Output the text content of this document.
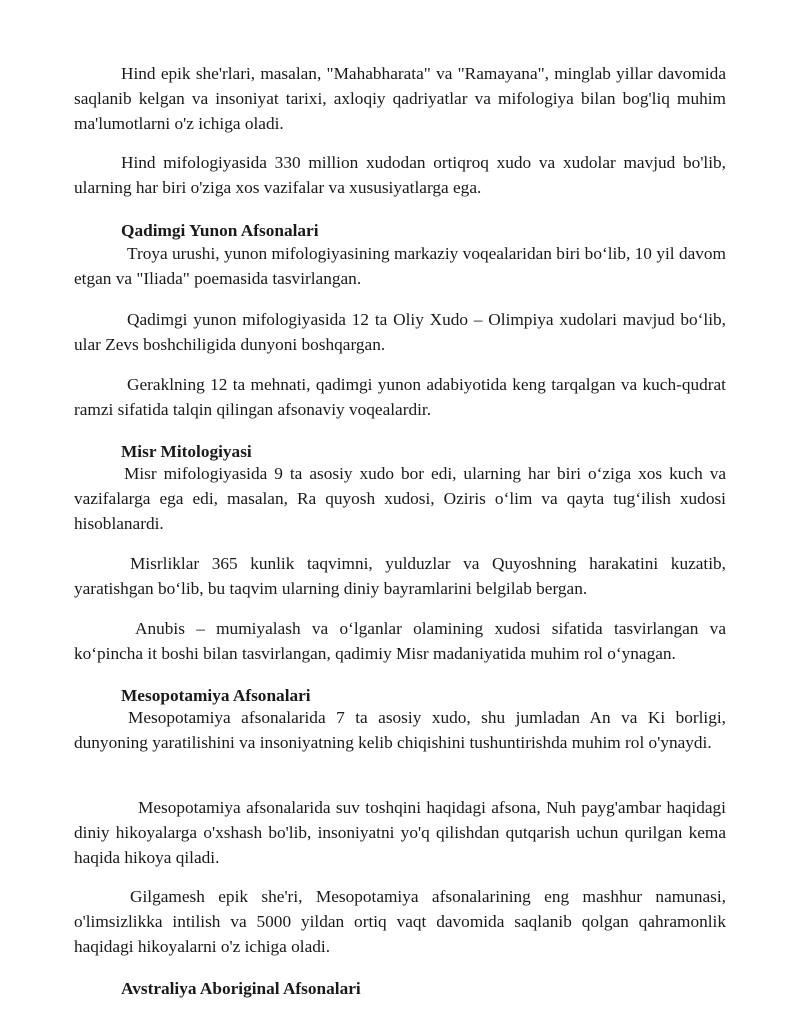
Hind epik she'rlari, masalan, "Mahabharata" va "Ramayana", minglab yillar davomida saqlanib kelgan va insoniyat tarixi, axloqiy qadriyatlar va mifologiya bilan bog'liq muhim ma'lumotlarni o'z ichiga oladi.

Hind mifologiyasida 330 million xudodan ortiqroq xudo va xudolar mavjud bo'lib, ularning har biri o'ziga xos vazifalar va xususiyatlarga ega.

Qadimgi Yunon Afsonalari

Troya urushi, yunon mifologiyasining markaziy voqealaridan biri bo‘lib, 10 yil davom etgan va "Iliada" poemasida tasvirlangan.

Qadimgi yunon mifologiyasida 12 ta Oliy Xudo – Olimpiya xudolari mavjud bo‘lib, ular Zevs boshchiligida dunyoni boshqargan.

Geraklning 12 ta mehnati, qadimgi yunon adabiyotida keng tarqalgan va kuch-qudrat ramzi sifatida talqin qilingan afsonaviy voqealardir.

Misr Mitologiyasi

Misr mifologiyasida 9 ta asosiy xudo bor edi, ularning har biri o‘ziga xos kuch va vazifalarga ega edi, masalan, Ra quyosh xudosi, Oziris o‘lim va qayta tug‘ilish xudosi hisoblanardi.

Misrliklar 365 kunlik taqvimni, yulduzlar va Quyoshning harakatini kuzatib, yaratishgan bo‘lib, bu taqvim ularning diniy bayramlarini belgilab bergan.

Anubis – mumiyalash va o‘lganlar olamining xudosi sifatida tasvirlangan va ko‘pincha it boshi bilan tasvirlangan, qadimiy Misr madaniyatida muhim rol o‘ynagan.

Mesopotamiya Afsonalari

Mesopotamiya afsonalarida 7 ta asosiy xudo, shu jumladan An va Ki borligi, dunyoning yaratilishini va insoniyatning kelib chiqishini tushuntirishda muhim rol o'ynaydi.

Mesopotamiya afsonalarida suv toshqini haqidagi afsona, Nuh payg'ambar haqidagi diniy hikoyalarga o'xshash bo'lib, insoniyatni yo'q qilishdan qutqarish uchun qurilgan kema haqida hikoya qiladi.

Gilgamesh epik she'ri, Mesopotamiya afsonalarining eng mashhur namunasi, o'limsizlikka intilish va 5000 yildan ortiq vaqt davomida saqlanib qolgan qahramonlik haqidagi hikoyalarni o'z ichiga oladi.

Avstraliya Aboriginal Afsonalari
